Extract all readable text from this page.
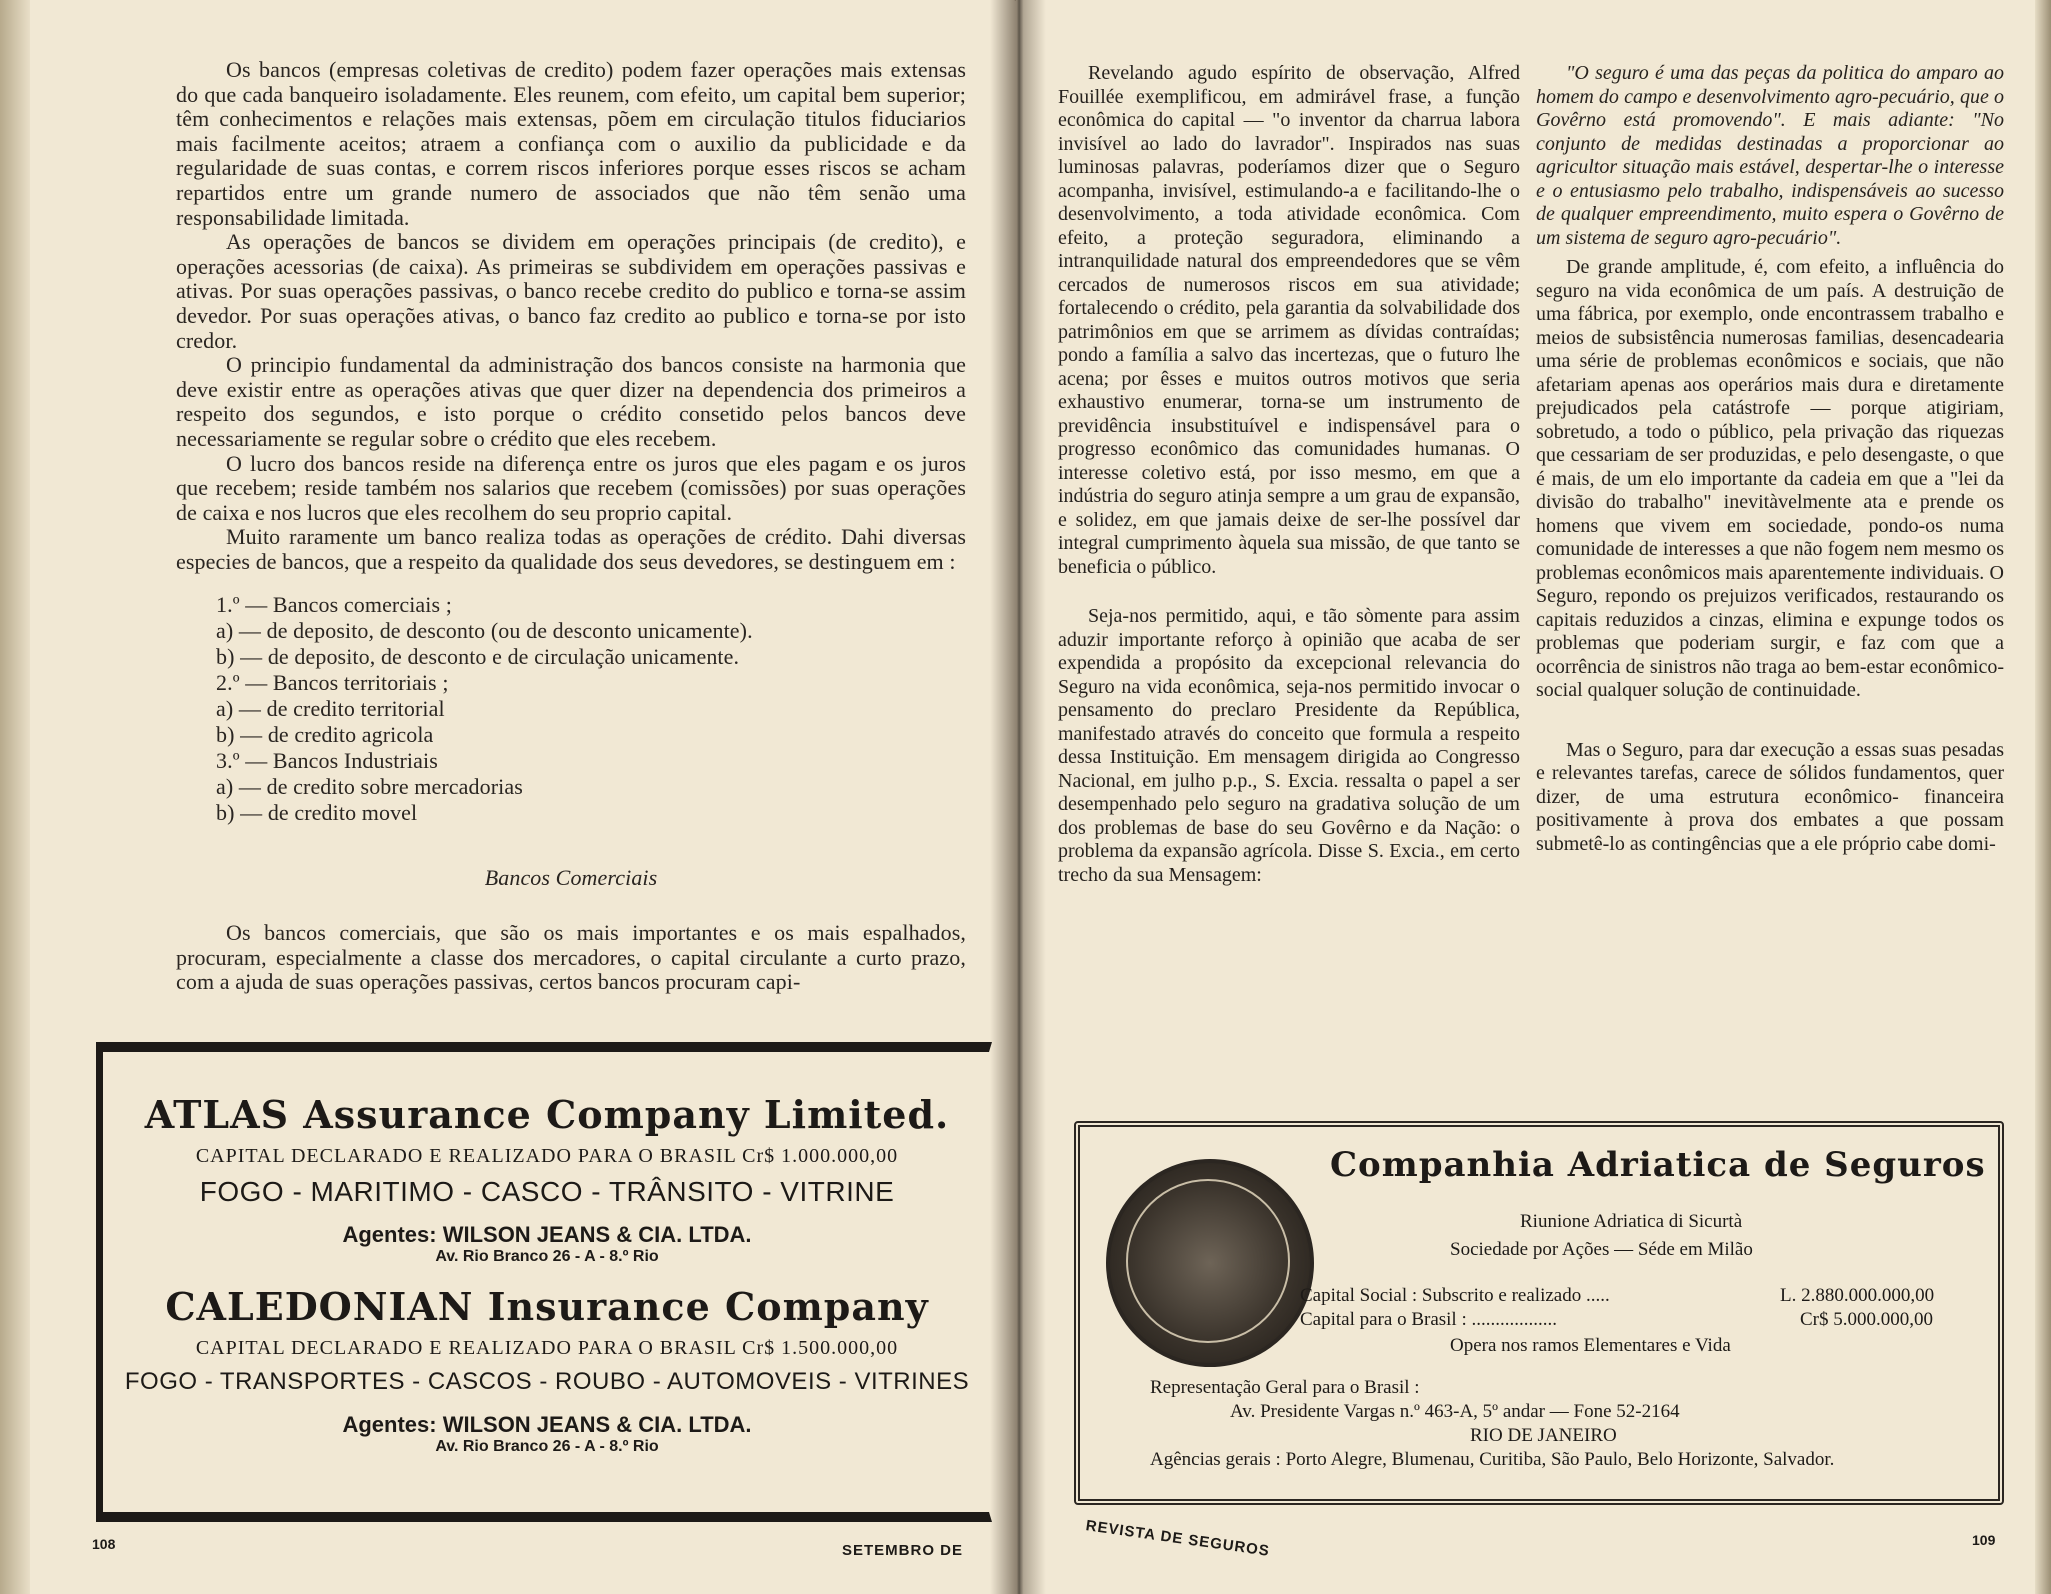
Os bancos (empresas coletivas de credito) podem fazer operações mais extensas do que cada banqueiro isoladamente. Eles reunem, com efeito, um capital bem superior; têm conhecimentos e relações mais extensas, põem em circulação titulos fiduciarios mais facilmente aceitos; atraem a confiança com o auxilio da publicidade e da regularidade de suas contas, e correm riscos inferiores porque esses riscos se acham repartidos entre um grande numero de associados que não têm senão uma responsabilidade limitada.

As operações de bancos se dividem em operações principais (de credito), e operações acessorias (de caixa). As primeiras se subdividem em operações passivas e ativas. Por suas operações passivas, o banco recebe credito do publico e torna-se assim devedor. Por suas operações ativas, o banco faz credito ao publico e torna-se por isto credor.

O principio fundamental da administração dos bancos consiste na harmonia que deve existir entre as operações ativas que quer dizer na dependencia dos primeiros a respeito dos segundos, e isto porque o crédito consetido pelos bancos deve necessariamente se regular sobre o crédito que eles recebem.

O lucro dos bancos reside na diferença entre os juros que eles pagam e os juros que recebem; reside também nos salarios que recebem (comissões) por suas operações de caixa e nos lucros que eles recolhem do seu proprio capital.

Muito raramente um banco realiza todas as operações de crédito. Dahi diversas especies de bancos, que a respeito da qualidade dos seus devedores, se destinguem em :

1.º — Bancos comerciais ;
a) — de deposito, de desconto (ou de desconto unicamente).
b) — de deposito, de desconto e de circulação unicamente.
2.º — Bancos territoriais ;
a) — de credito territorial
b) — de credito agricola
3.º — Bancos Industriais
a) — de credito sobre mercadorias
b) — de credito movel
Bancos Comerciais

Os bancos comerciais, que são os mais importantes e os mais espalhados, procuram, especialmente a classe dos mercadores, o capital circulante a curto prazo, com a ajuda de suas operações passivas, certos bancos procuram capi-

ATLAS Assurance Company Limited.
CAPITAL DECLARADO E REALIZADO PARA O BRASIL Cr$ 1.000.000,00
FOGO - MARITIMO - CASCO - TRÂNSITO - VITRINE
Agentes: WILSON JEANS & CIA. LTDA.
Av. Rio Branco 26 - A - 8.º Rio
CALEDONIAN Insurance Company
CAPITAL DECLARADO E REALIZADO PARA O BRASIL Cr$ 1.500.000,00
FOGO - TRANSPORTES - CASCOS - ROUBO - AUTOMOVEIS - VITRINES
Agentes: WILSON JEANS & CIA. LTDA.
Av. Rio Branco 26 - A - 8.º Rio
108	SETEMBRO DE

Revelando agudo espírito de observação, Alfred Fouillée exemplificou, em admirável frase, a função econômica do capital — "o inventor da charrua labora invisível ao lado do lavrador". Inspirados nas suas luminosas palavras, poderíamos dizer que o Seguro acompanha, invisível, estimulando-a e facilitando-lhe o desenvolvimento, a toda atividade econômica. Com efeito, a proteção seguradora, eliminando a intranquilidade natural dos empreendedores que se vêm cercados de numerosos riscos em sua atividade; fortalecendo o crédito, pela garantia da solvabilidade dos patrimônios em que se arrimem as dívidas contraídas; pondo a família a salvo das incertezas, que o futuro lhe acena; por êsses e muitos outros motivos que seria exhaustivo enumerar, torna-se um instrumento de previdência insubstituível e indispensável para o progresso econômico das comunidades humanas. O interesse coletivo está, por isso mesmo, em que a indústria do seguro atinja sempre a um grau de expansão, e solidez, em que jamais deixe de ser-lhe possível dar integral cumprimento àquela sua missão, de que tanto se beneficia o público.

Seja-nos permitido, aqui, e tão sòmente para assim aduzir importante reforço à opinião que acaba de ser expendida a propósito da excepcional relevancia do Seguro na vida econômica, seja-nos permitido invocar o pensamento do preclaro Presidente da República, manifestado através do conceito que formula a respeito dessa Instituição. Em mensagem dirigida ao Congresso Nacional, em julho p.p., S. Excia. ressalta o papel a ser desempenhado pelo seguro na gradativa solução de um dos problemas de base do seu Govêrno e da Nação: o problema da expansão agrícola. Disse S. Excia., em certo trecho da sua Mensagem:

"O seguro é uma das peças da politica do amparo ao homem do campo e desenvolvimento agro-pecuário, que o Govêrno está promovendo". E mais adiante: "No conjunto de medidas destinadas a proporcionar ao agricultor situação mais estável, despertar-lhe o interesse e o entusiasmo pelo trabalho, indispensáveis ao sucesso de qualquer empreendimento, muito espera o Govêrno de um sistema de seguro agro-pecuário".

De grande amplitude, é, com efeito, a influência do seguro na vida econômica de um país. A destruição de uma fábrica, por exemplo, onde encontrassem trabalho e meios de subsistência numerosas familias, desencadearia uma série de problemas econômicos e sociais, que não afetariam apenas aos operários mais dura e diretamente prejudicados pela catástrofe — porque atigiriam, sobretudo, a todo o público, pela privação das riquezas que cessariam de ser produzidas, e pelo desengaste, o que é mais, de um elo importante da cadeia em que a "lei da divisão do trabalho" inevitàvelmente ata e prende os homens que vivem em sociedade, pondo-os numa comunidade de interesses a que não fogem nem mesmo os problemas econômicos mais aparentemente individuais. O Seguro, repondo os prejuizos verificados, restaurando os capitais reduzidos a cinzas, elimina e expunge todos os problemas que poderiam surgir, e faz com que a ocorrência de sinistros não traga ao bem-estar econômico-social qualquer solução de continuidade.

Mas o Seguro, para dar execução a essas suas pesadas e relevantes tarefas, carece de sólidos fundamentos, quer dizer, de uma estrutura econômico- financeira positivamente à prova dos embates a que possam submetê-lo as contingências que a ele próprio cabe domi-

Companhia Adriatica de Seguros
Riunione Adriatica di Sicurtà
Sociedade por Ações — Séde em Milão
Capital Social : Subscrito e realizado .....	L. 2.880.000.000,00
Capital para o Brasil : ..................	Cr$ 5.000.000,00
Opera nos ramos Elementares e Vida
Representação Geral para o Brasil :
Av. Presidente Vargas n.º 463-A, 5º andar — Fone 52-2164
RIO DE JANEIRO
Agências gerais : Porto Alegre, Blumenau, Curitiba, São Paulo, Belo Horizonte, Salvador.
REVISTA DE SEGUROS	109
